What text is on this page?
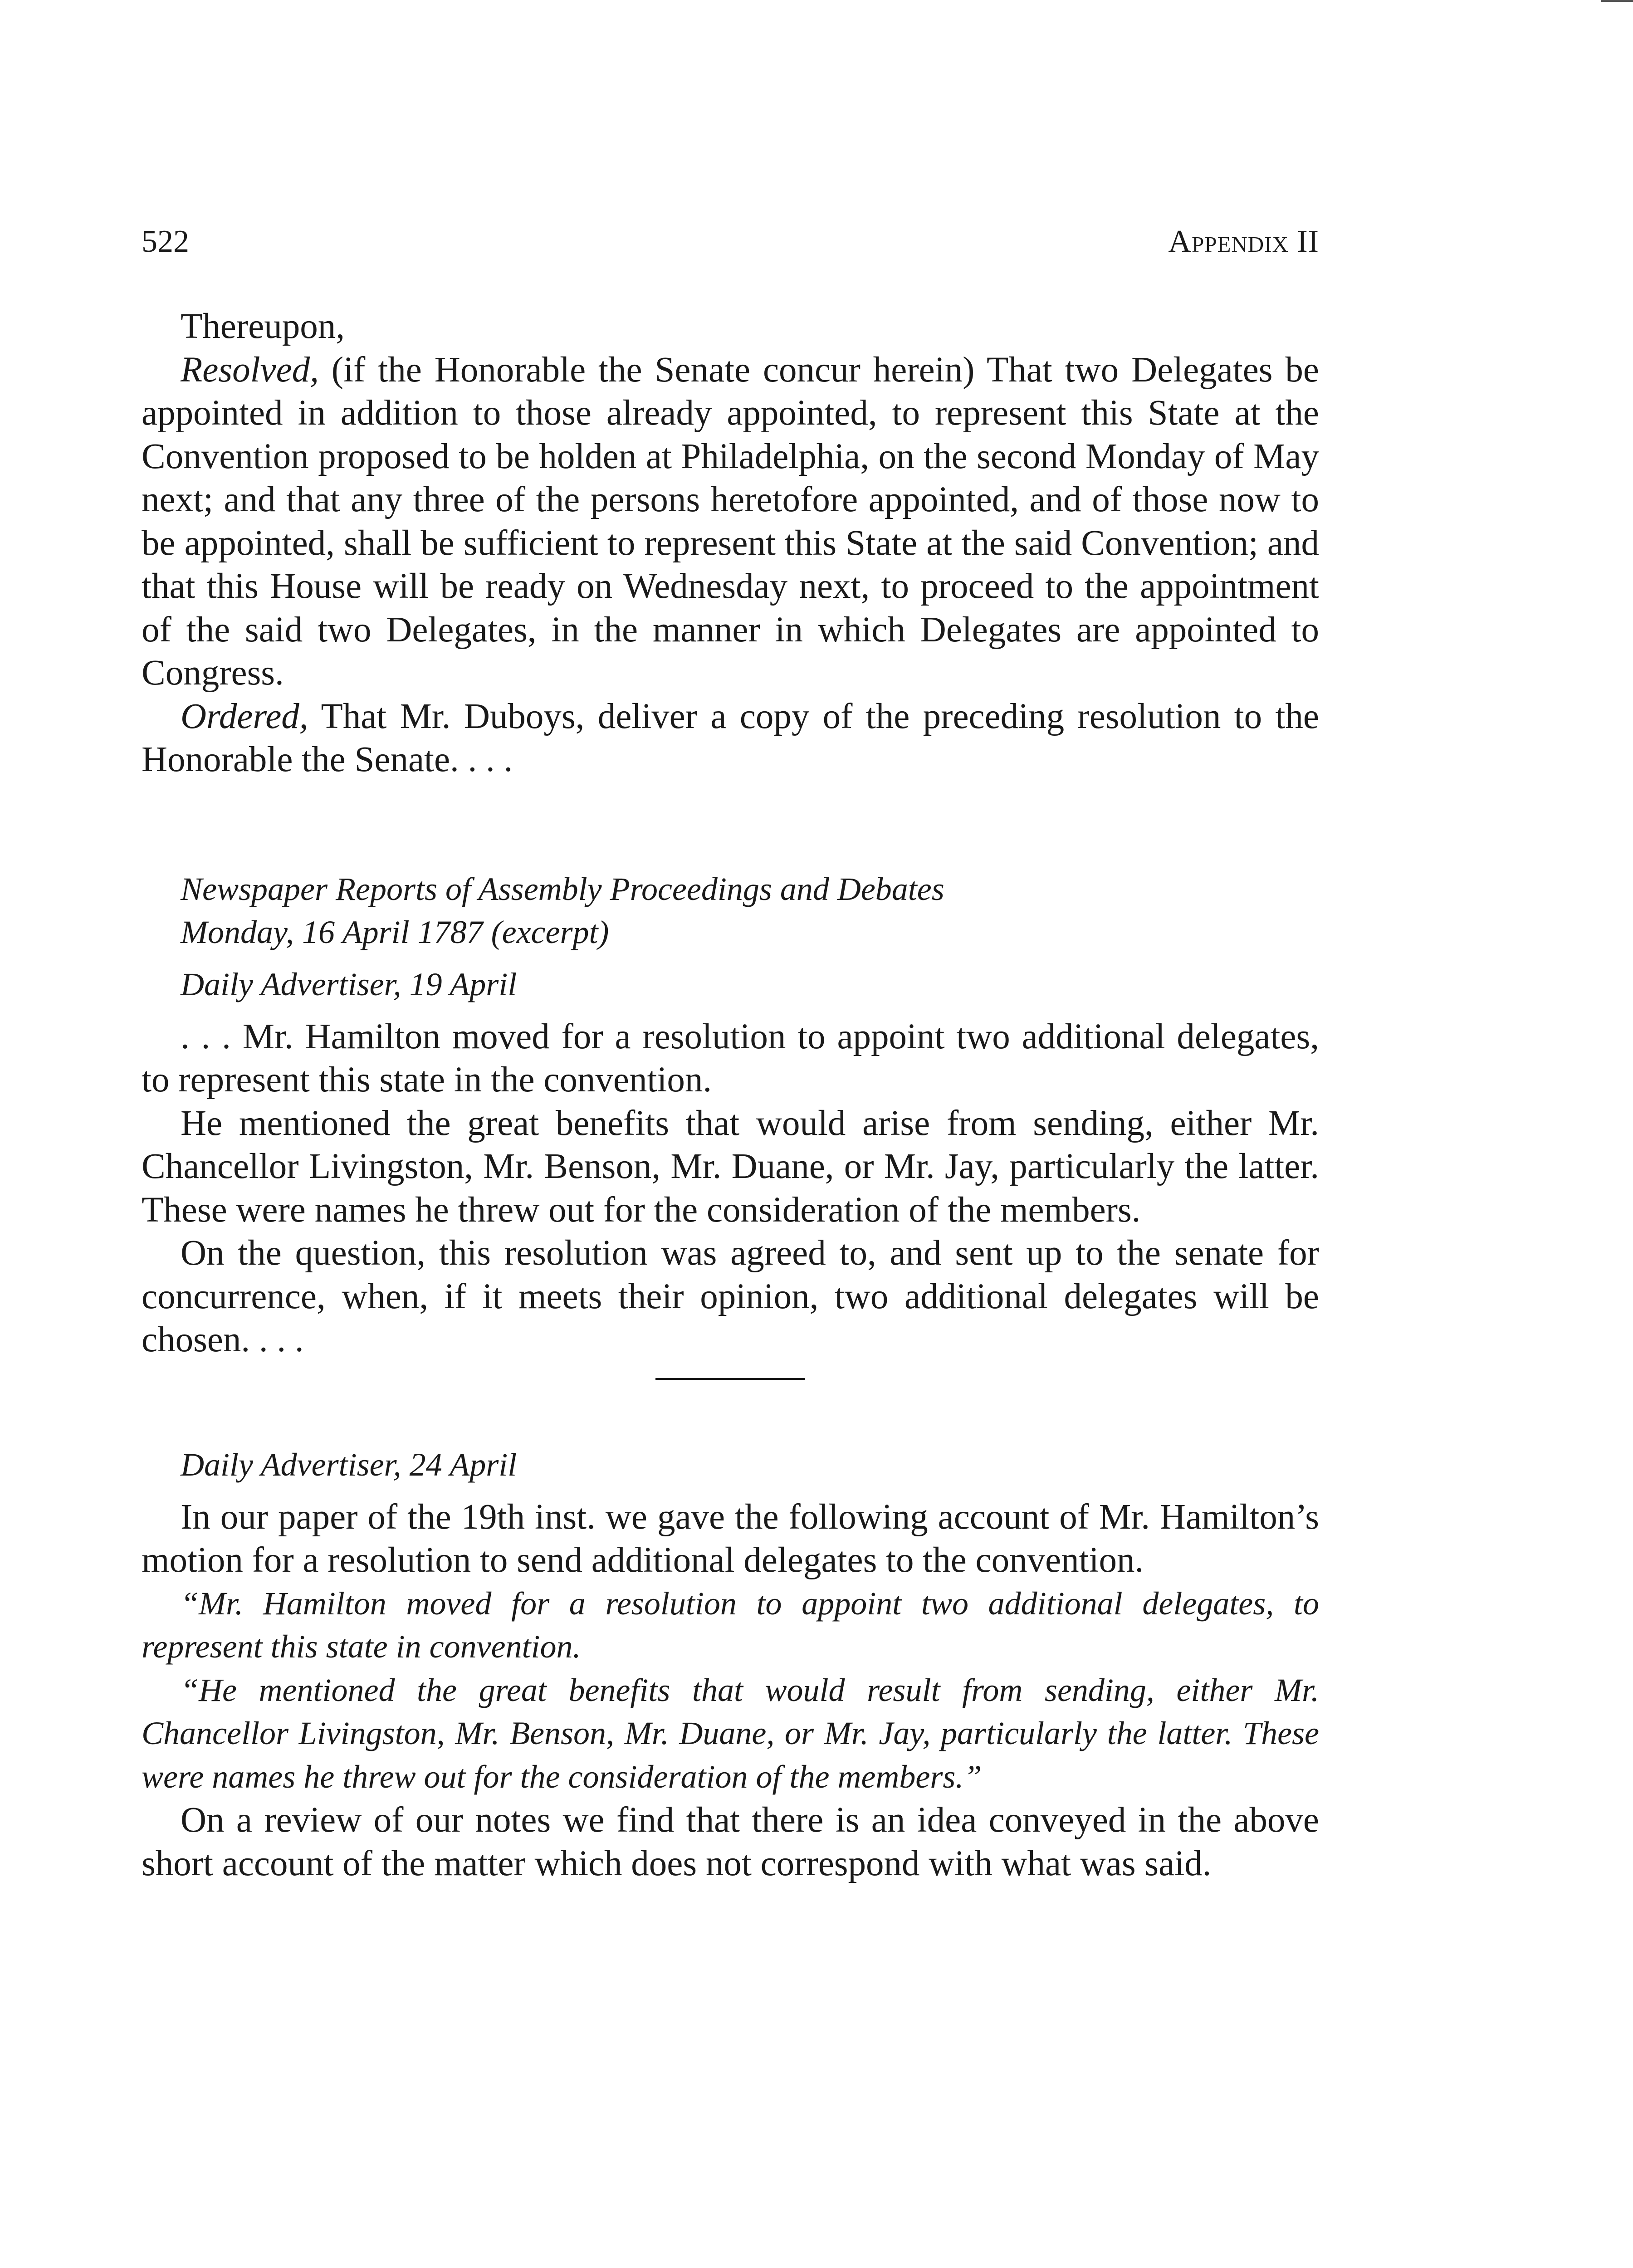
522	Appendix II

Thereupon,

Resolved, (if the Honorable the Senate concur herein) That two Delegates be appointed in addition to those already appointed, to represent this State at the Convention proposed to be holden at Philadelphia, on the second Monday of May next; and that any three of the persons heretofore appointed, and of those now to be appointed, shall be sufficient to represent this State at the said Convention; and that this House will be ready on Wednesday next, to proceed to the appointment of the said two Delegates, in the manner in which Delegates are appointed to Congress.

Ordered, That Mr. Duboys, deliver a copy of the preceding resolution to the Honorable the Senate. . . .

Newspaper Reports of Assembly Proceedings and Debates

Monday, 16 April 1787 (excerpt)

Daily Advertiser, 19 April

. . . Mr. Hamilton moved for a resolution to appoint two additional delegates, to represent this state in the convention.

He mentioned the great benefits that would arise from sending, either Mr. Chancellor Livingston, Mr. Benson, Mr. Duane, or Mr. Jay, particularly the latter. These were names he threw out for the consideration of the members.

On the question, this resolution was agreed to, and sent up to the senate for concurrence, when, if it meets their opinion, two additional delegates will be chosen. . . .

Daily Advertiser, 24 April

In our paper of the 19th inst. we gave the following account of Mr. Hamilton’s motion for a resolution to send additional delegates to the convention.

“Mr. Hamilton moved for a resolution to appoint two additional delegates, to represent this state in convention.

“He mentioned the great benefits that would result from sending, either Mr. Chancellor Livingston, Mr. Benson, Mr. Duane, or Mr. Jay, particularly the latter. These were names he threw out for the consideration of the members.”

On a review of our notes we find that there is an idea conveyed in the above short account of the matter which does not correspond with what was said.
